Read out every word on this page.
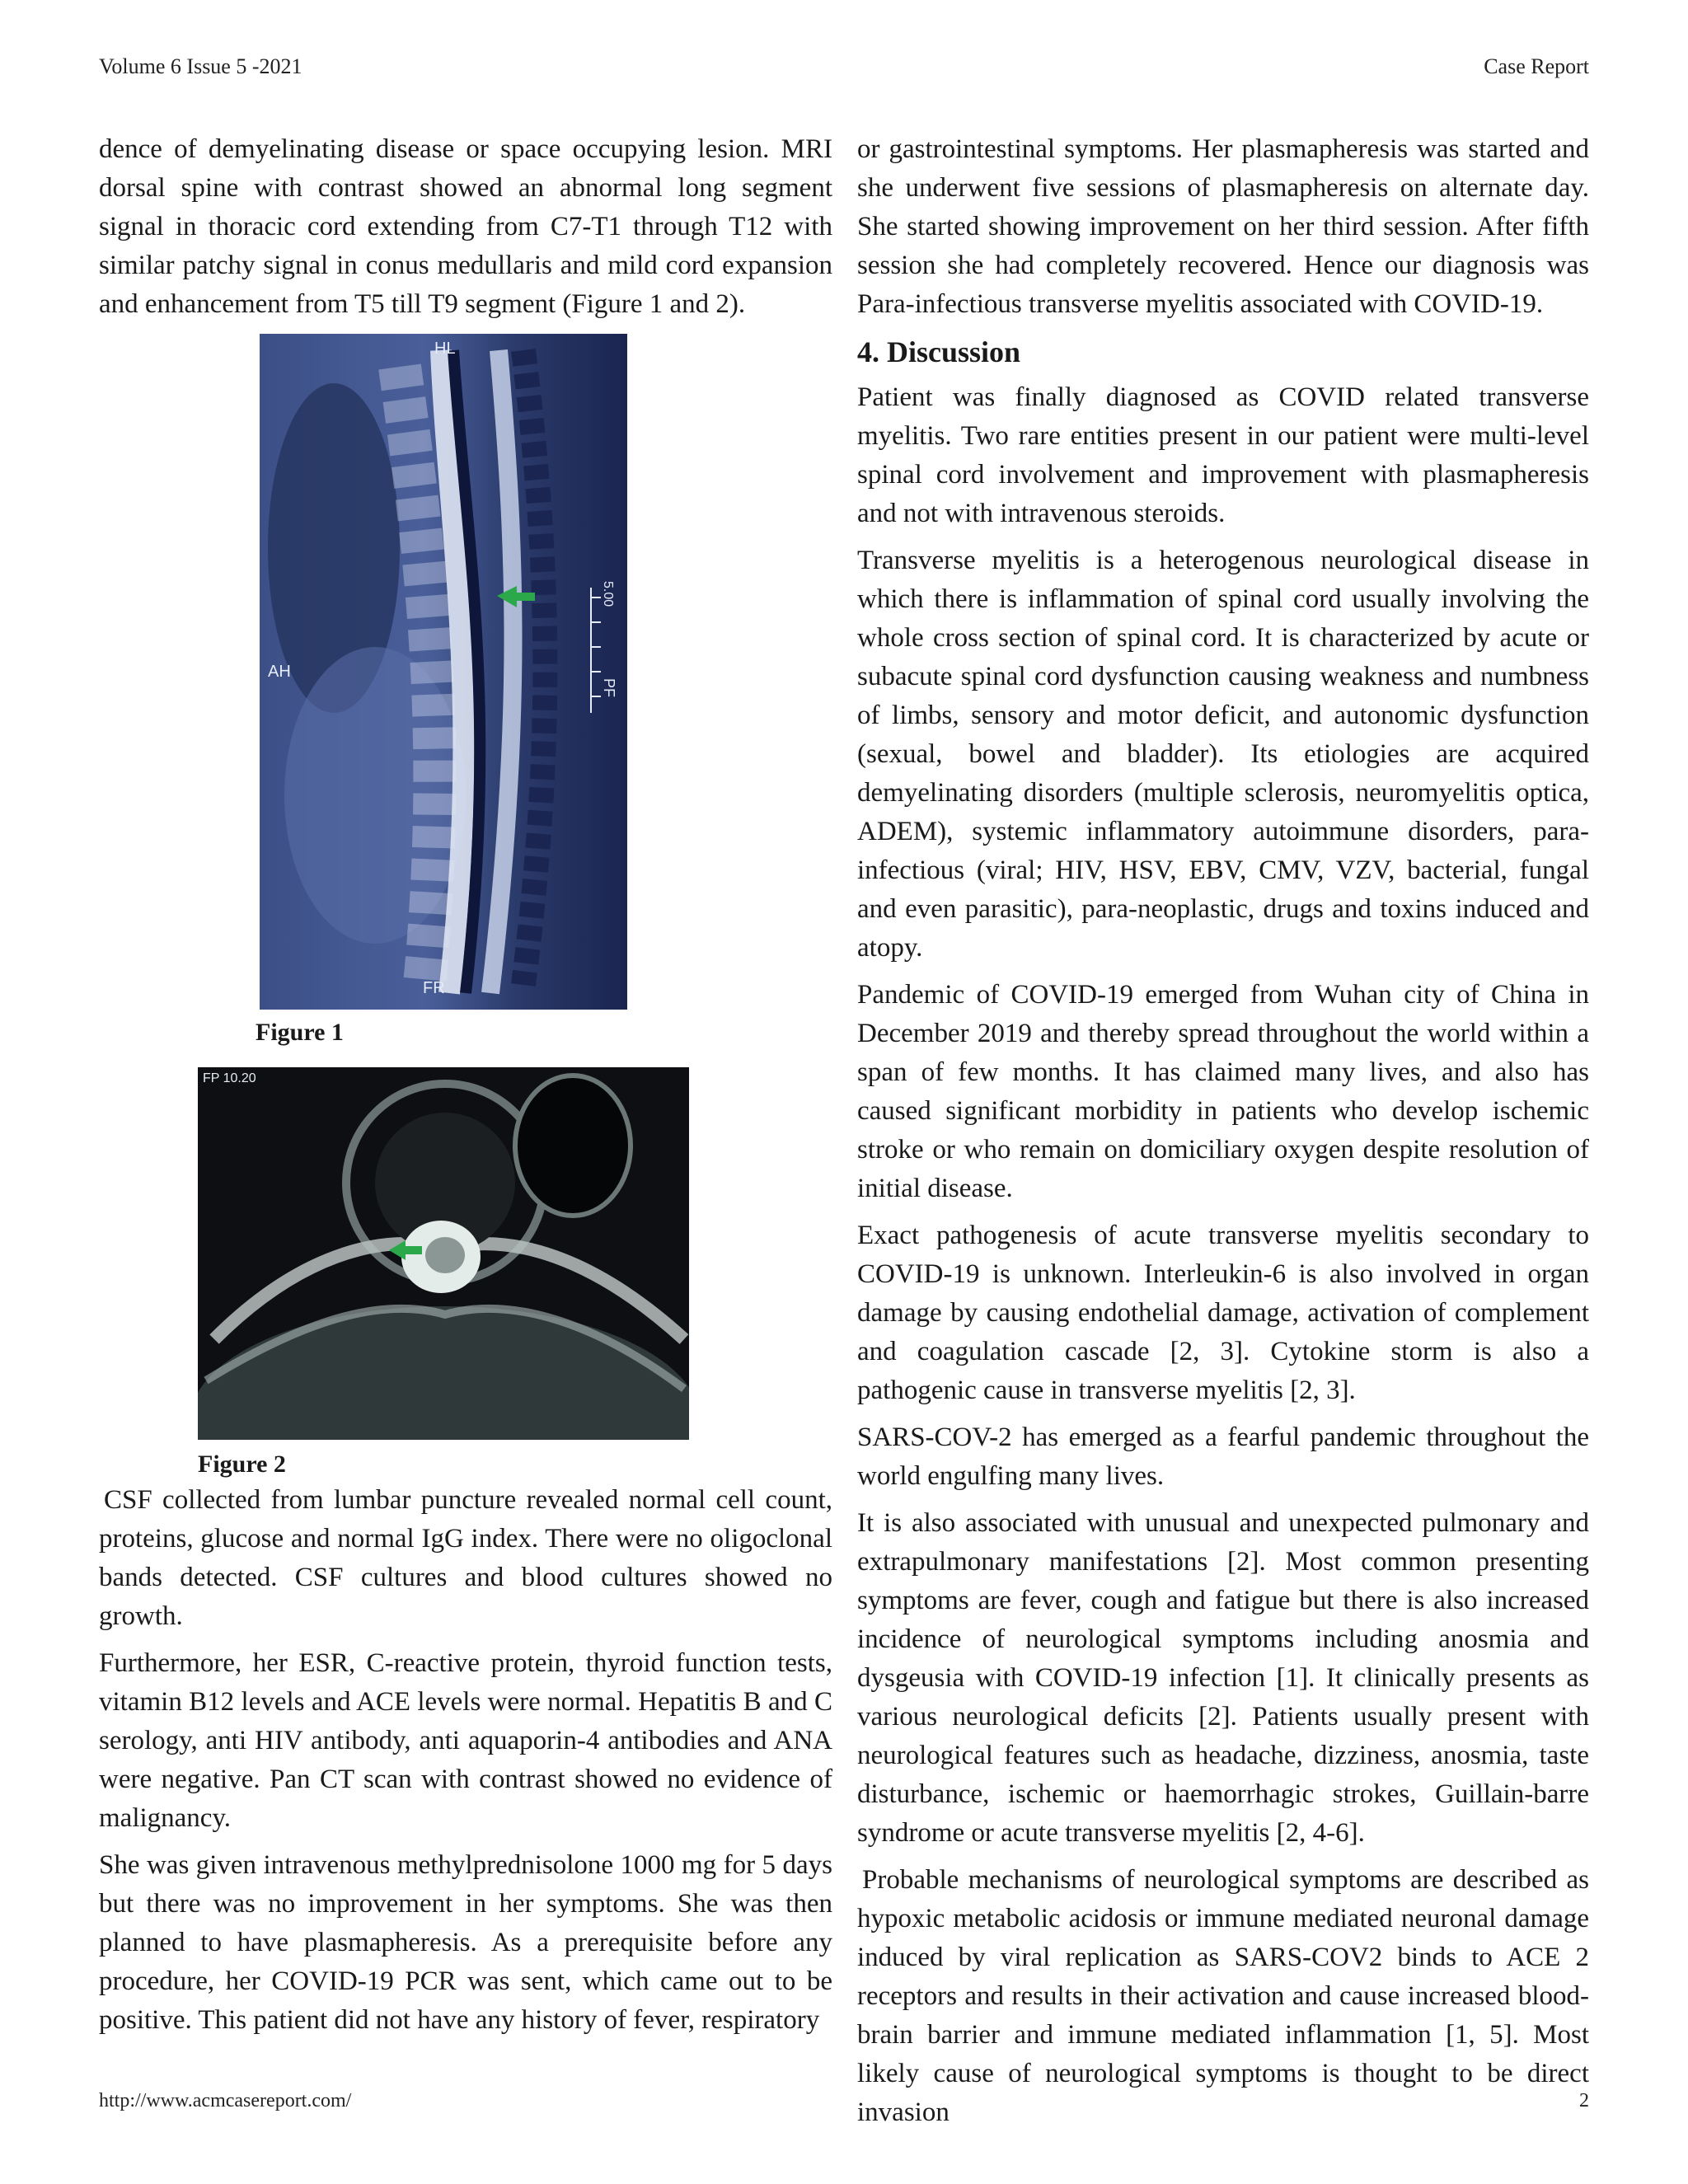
Volume 6 Issue 5 -2021	Case Report

dence of demyelinating disease or space occupying lesion. MRI dorsal spine with contrast showed an abnormal long segment signal in thoracic cord extending from C7-T1 through T12 with similar patchy signal in conus medullaris and mild cord expansion and enhancement from T5 till T9 segment (Figure 1 and 2).

HL
AH
FR
PF
5.00
Figure 1
FP 10.20
Figure 2

CSF collected from lumbar puncture revealed normal cell count, proteins, glucose and normal IgG index. There were no oligoclonal bands detected. CSF cultures and blood cultures showed no growth.

Furthermore, her ESR, C-reactive protein, thyroid function tests, vitamin B12 levels and ACE levels were normal. Hepatitis B and C serology, anti HIV antibody, anti aquaporin-4 antibodies and ANA were negative. Pan CT scan with contrast showed no evidence of malignancy.

She was given intravenous methylprednisolone 1000 mg for 5 days but there was no improvement in her symptoms. She was then planned to have plasmapheresis. As a prerequisite before any procedure, her COVID-19 PCR was sent, which came out to be positive. This patient did not have any history of fever, respiratory

or gastrointestinal symptoms. Her plasmapheresis was started and she underwent five sessions of plasmapheresis on alternate day. She started showing improvement on her third session. After fifth session she had completely recovered. Hence our diagnosis was Para-infectious transverse myelitis associated with COVID-19.

4. Discussion

Patient was finally diagnosed as COVID related transverse myelitis. Two rare entities present in our patient were multi-level spinal cord involvement and improvement with plasmapheresis and not with intravenous steroids.

Transverse myelitis is a heterogenous neurological disease in which there is inflammation of spinal cord usually involving the whole cross section of spinal cord. It is characterized by acute or subacute spinal cord dysfunction causing weakness and numbness of limbs, sensory and motor deficit, and autonomic dysfunction (sexual, bowel and bladder). Its etiologies are acquired demyelinating disorders (multiple sclerosis, neuromyelitis optica, ADEM), systemic inflammatory autoimmune disorders, para-infectious (viral; HIV, HSV, EBV, CMV, VZV, bacterial, fungal and even parasitic), para-neoplastic, drugs and toxins induced and atopy.

Pandemic of COVID-19 emerged from Wuhan city of China in December 2019 and thereby spread throughout the world within a span of few months. It has claimed many lives, and also has caused significant morbidity in patients who develop ischemic stroke or who remain on domiciliary oxygen despite resolution of initial disease.

Exact pathogenesis of acute transverse myelitis secondary to COVID-19 is unknown. Interleukin-6 is also involved in organ damage by causing endothelial damage, activation of complement and coagulation cascade [2, 3]. Cytokine storm is also a pathogenic cause in transverse myelitis [2, 3].

SARS-COV-2 has emerged as a fearful pandemic throughout the world engulfing many lives.

It is also associated with unusual and unexpected pulmonary and extrapulmonary manifestations [2]. Most common presenting symptoms are fever, cough and fatigue but there is also increased incidence of neurological symptoms including anosmia and dysgeusia with COVID-19 infection [1]. It clinically presents as various neurological deficits [2]. Patients usually present with neurological features such as headache, dizziness, anosmia, taste disturbance, ischemic or haemorrhagic strokes, Guillain-barre syndrome or acute transverse myelitis [2, 4-6].

Probable mechanisms of neurological symptoms are described as hypoxic metabolic acidosis or immune mediated neuronal damage induced by viral replication as SARS-COV2 binds to ACE 2 receptors and results in their activation and cause increased blood-brain barrier and immune mediated inflammation [1, 5]. Most likely cause of neurological symptoms is thought to be direct invasion

http://www.acmcasereport.com/	2
